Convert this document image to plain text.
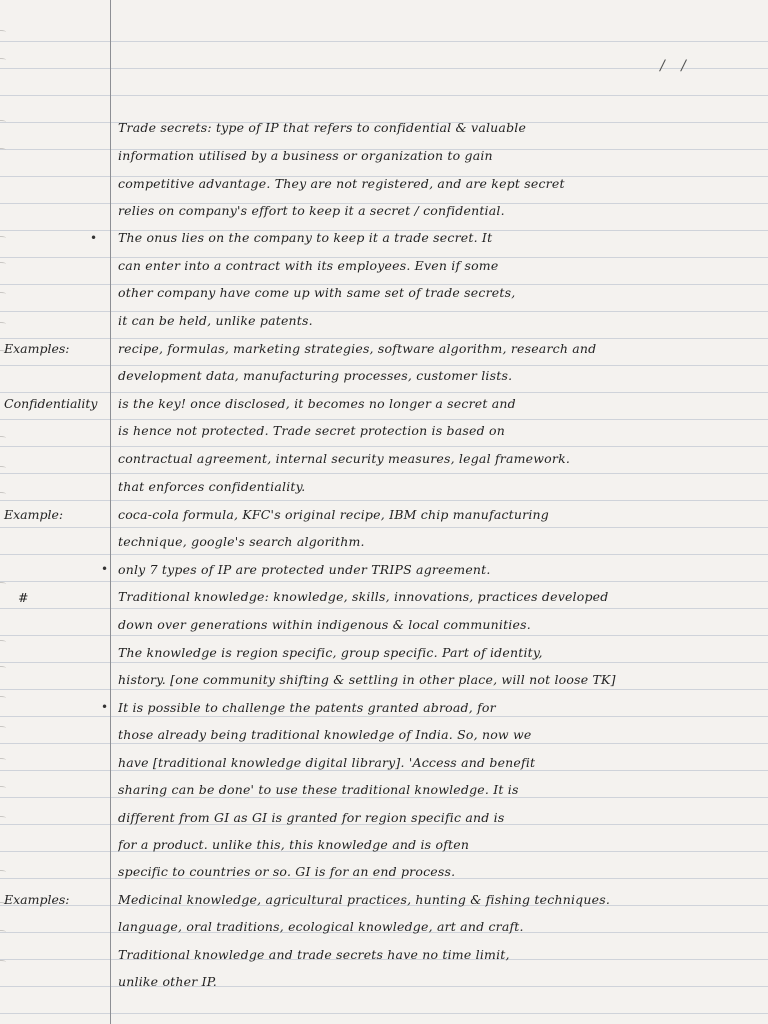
/ /
Examples:
Confidentiality
Example:
#
Examples:
•
•
•
Trade secrets: type of IP that refers to confidential & valuable
information utilised by a business or organization to gain
competitive advantage. They are not registered, and are kept secret
relies on company's effort to keep it a secret / confidential.
The onus lies on the company to keep it a trade secret. It
can enter into a contract with its employees. Even if some
other company have come up with same set of trade secrets,
it can be held, unlike patents.
recipe, formulas, marketing strategies, software algorithm, research and
development data, manufacturing processes, customer lists.
is the key! once disclosed, it becomes no longer a secret and
is hence not protected. Trade secret protection is based on
contractual agreement, internal security measures, legal framework.
that enforces confidentiality.
coca-cola formula, KFC's original recipe, IBM chip manufacturing
technique, google's search algorithm.
only 7 types of IP are protected under TRIPS agreement.
Traditional knowledge: knowledge, skills, innovations, practices developed
down over generations within indigenous & local communities.
The knowledge is region specific, group specific. Part of identity,
history. [one community shifting & settling in other place, will not loose TK]
It is possible to challenge the patents granted abroad, for
those already being traditional knowledge of India. So, now we
have [traditional knowledge digital library]. 'Access and benefit
sharing can be done' to use these traditional knowledge. It is
different from GI as GI is granted for region specific and is
for a product. unlike this, this knowledge and is often
specific to countries or so. GI is for an end process.
Medicinal knowledge, agricultural practices, hunting & fishing techniques.
language, oral traditions, ecological knowledge, art and craft.
Traditional knowledge and trade secrets have no time limit,
unlike other IP.
